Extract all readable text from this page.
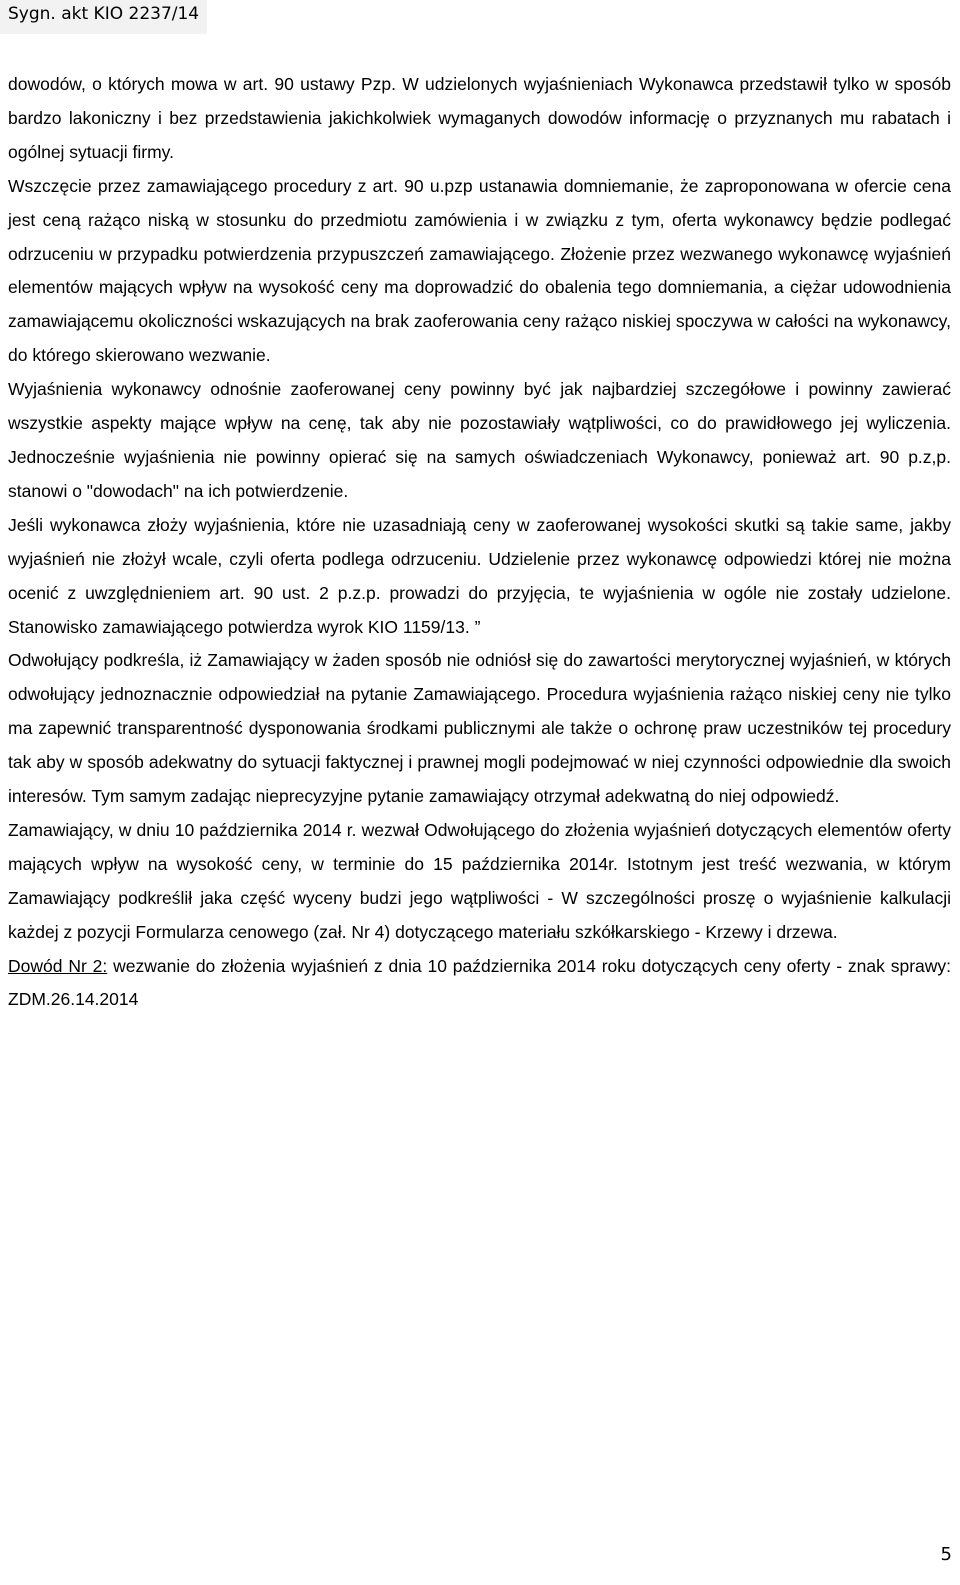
Sygn. akt KIO 2237/14

dowodów, o których mowa w art. 90 ustawy Pzp. W udzielonych wyjaśnieniach Wykonawca przedstawił tylko w sposób bardzo lakoniczny i bez przedstawienia jakichkolwiek wymaganych dowodów informację o przyznanych mu rabatach i ogólnej sytuacji firmy.

Wszczęcie przez zamawiającego procedury z art. 90 u.pzp ustanawia domniemanie, że zaproponowana w ofercie cena jest ceną rażąco niską w stosunku do przedmiotu zamówienia i w związku z tym, oferta wykonawcy będzie podlegać odrzuceniu w przypadku potwierdzenia przypuszczeń zamawiającego. Złożenie przez wezwanego wykonawcę wyjaśnień elementów mających wpływ na wysokość ceny ma doprowadzić do obalenia tego domniemania, a ciężar udowodnienia zamawiającemu okoliczności wskazujących na brak zaoferowania ceny rażąco niskiej spoczywa w całości na wykonawcy, do którego skierowano wezwanie.

Wyjaśnienia wykonawcy odnośnie zaoferowanej ceny powinny być jak najbardziej szczegółowe i powinny zawierać wszystkie aspekty mające wpływ na cenę, tak aby nie pozostawiały wątpliwości, co do prawidłowego jej wyliczenia. Jednocześnie wyjaśnienia nie powinny opierać się na samych oświadczeniach Wykonawcy, ponieważ art. 90 p.z,p. stanowi o "dowodach" na ich potwierdzenie.

Jeśli wykonawca złoży wyjaśnienia, które nie uzasadniają ceny w zaoferowanej wysokości skutki są takie same, jakby wyjaśnień nie złożył wcale, czyli oferta podlega odrzuceniu. Udzielenie przez wykonawcę odpowiedzi której nie można ocenić z uwzględnieniem art. 90 ust. 2 p.z.p. prowadzi do przyjęcia, te wyjaśnienia w ogóle nie zostały udzielone. Stanowisko zamawiającego potwierdza wyrok KIO 1159/13. ”

Odwołujący podkreśla, iż Zamawiający w żaden sposób nie odniósł się do zawartości merytorycznej wyjaśnień, w których odwołujący jednoznacznie odpowiedział na pytanie Zamawiającego. Procedura wyjaśnienia rażąco niskiej ceny nie tylko ma zapewnić transparentność dysponowania środkami publicznymi ale także o ochronę praw uczestników tej procedury tak aby w sposób adekwatny do sytuacji faktycznej i prawnej mogli podejmować w niej czynności odpowiednie dla swoich interesów. Tym samym zadając nieprecyzyjne pytanie zamawiający otrzymał adekwatną do niej odpowiedź.

Zamawiający, w dniu 10 października 2014 r. wezwał Odwołującego do złożenia wyjaśnień dotyczących elementów oferty mających wpływ na wysokość ceny, w terminie do 15 października 2014r. Istotnym jest treść wezwania, w którym Zamawiający podkreślił jaka część wyceny budzi jego wątpliwości - W szczególności proszę o wyjaśnienie kalkulacji każdej z pozycji Formularza cenowego (zał. Nr 4) dotyczącego materiału szkółkarskiego - Krzewy i drzewa.

Dowód Nr 2: wezwanie do złożenia wyjaśnień z dnia 10 października 2014 roku dotyczących ceny oferty - znak sprawy: ZDM.26.14.2014

5
